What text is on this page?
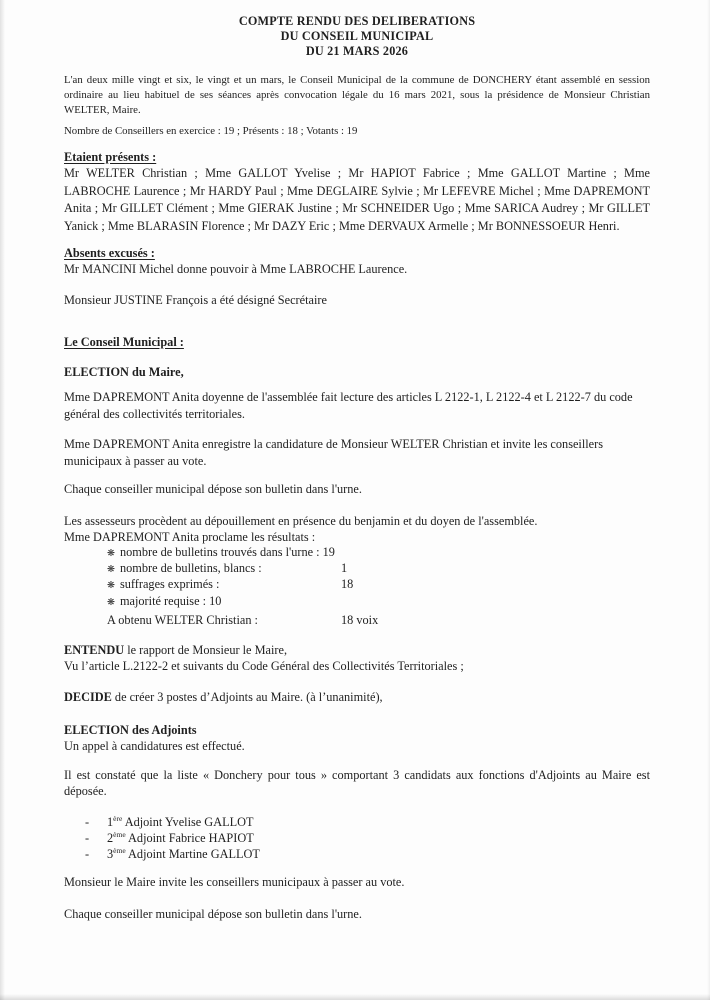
COMPTE RENDU DES DELIBERATIONS
DU CONSEIL MUNICIPAL
DU 21 MARS 2026

L'an deux mille vingt et six, le vingt et un mars, le Conseil Municipal de la commune de DONCHERY étant assemblé en session ordinaire au lieu habituel de ses séances après convocation légale du 16 mars 2021, sous la présidence de Monsieur Christian WELTER, Maire.

Nombre de Conseillers en exercice : 19 ; Présents : 18 ; Votants : 19

Etaient présents :

Mr WELTER Christian ; Mme GALLOT Yvelise ; Mr HAPIOT Fabrice ; Mme GALLOT Martine ; Mme LABROCHE Laurence ; Mr HARDY Paul ; Mme DEGLAIRE Sylvie ; Mr LEFEVRE Michel ; Mme DAPREMONT Anita ; Mr GILLET Clément ; Mme GIERAK Justine ; Mr SCHNEIDER Ugo ; Mme SARICA Audrey ; Mr GILLET Yanick ; Mme BLARASIN Florence ; Mr DAZY Eric ; Mme DERVAUX Armelle ; Mr BONNESSOEUR Henri.

Absents excusés :

Mr MANCINI Michel donne pouvoir à Mme LABROCHE Laurence.

Monsieur JUSTINE François a été désigné Secrétaire

Le Conseil Municipal :

ELECTION du Maire,

Mme DAPREMONT Anita doyenne de l'assemblée fait lecture des articles L 2122-1, L 2122-4 et L 2122-7 du code général des collectivités territoriales.

Mme DAPREMONT Anita enregistre la candidature de Monsieur WELTER Christian et invite les conseillers municipaux à passer au vote.

Chaque conseiller municipal dépose son bulletin dans l'urne.

Les assesseurs procèdent au dépouillement en présence du benjamin et du doyen de l'assemblée.

Mme DAPREMONT Anita proclame les résultats :

❋ nombre de bulletins trouvés dans l'urne : 19
❋ nombre de bulletins, blancs :	1
❋ suffrages exprimés :	18
❋ majorité requise : 10
A obtenu WELTER Christian :	18 voix

ENTENDU le rapport de Monsieur le Maire,

Vu l’article L.2122-2 et suivants du Code Général des Collectivités Territoriales ;

DECIDE de créer 3 postes d’Adjoints au Maire. (à l’unanimité),

ELECTION des Adjoints

Un appel à candidatures est effectué.

Il est constaté que la liste « Donchery pour tous » comportant 3 candidats aux fonctions d'Adjoints au Maire est déposée.

-	1ère Adjoint Yvelise GALLOT
-	2ème Adjoint Fabrice HAPIOT
-	3ème Adjoint Martine GALLOT

Monsieur le Maire invite les conseillers municipaux à passer au vote.

Chaque conseiller municipal dépose son bulletin dans l'urne.
